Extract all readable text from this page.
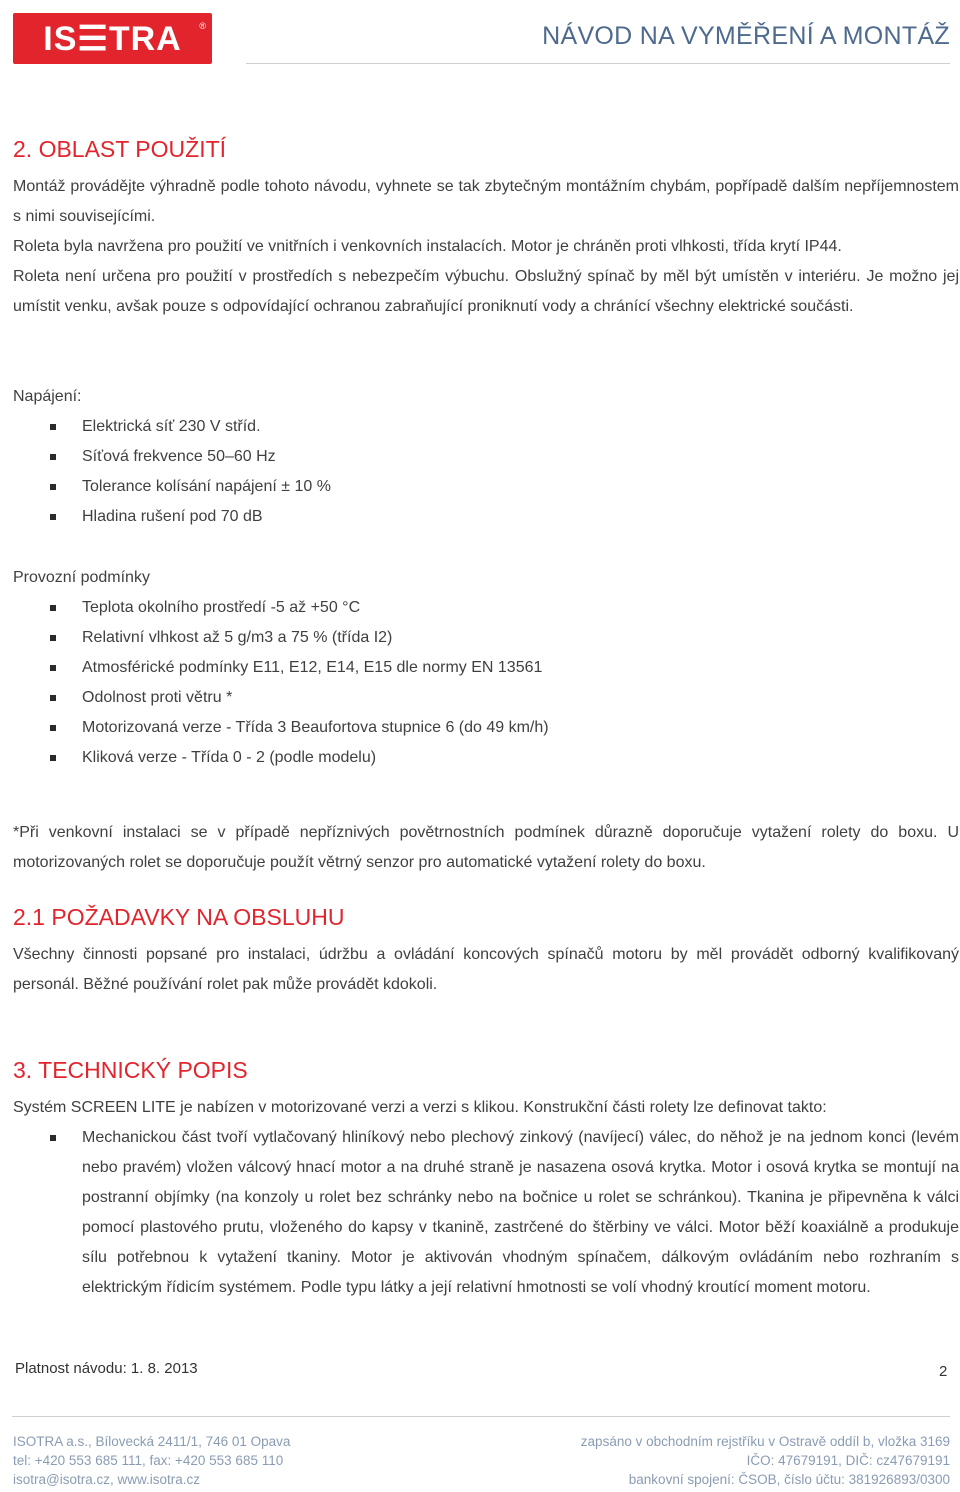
IS☰TRA ®	NÁVOD NA VYMĚŘENÍ A MONTÁŽ
2. OBLAST POUŽITÍ
Montáž provádějte výhradně podle tohoto návodu, vyhnete se tak zbytečným montážním chybám, popřípadě dalším nepříjemnostem s nimi souvisejícími.
Roleta byla navržena pro použití ve vnitřních i venkovních instalacích. Motor je chráněn proti vlhkosti, třída krytí IP44.
Roleta není určena pro použití v prostředích s nebezpečím výbuchu. Obslužný spínač by měl být umístěn v interiéru. Je možno jej umístit venku, avšak pouze s odpovídající ochranou zabraňující proniknutí vody a chránící všechny elektrické součásti.
Napájení:
Elektrická síť 230 V stříd.
Síťová frekvence 50–60 Hz
Tolerance kolísání napájení ± 10 %
Hladina rušení pod 70 dB
Provozní podmínky
Teplota okolního prostředí -5 až +50 °C
Relativní vlhkost až 5 g/m3 a 75 % (třída I2)
Atmosférické podmínky E11, E12, E14, E15 dle normy EN 13561
Odolnost proti větru *
Motorizovaná verze - Třída 3 Beaufortova stupnice 6 (do 49 km/h)
Kliková verze - Třída 0 - 2 (podle modelu)
*Při venkovní instalaci se v případě nepříznivých povětrnostních podmínek důrazně doporučuje vytažení rolety do boxu. U motorizovaných rolet se doporučuje použít větrný senzor pro automatické vytažení rolety do boxu.
2.1 POŽADAVKY NA OBSLUHU
Všechny činnosti popsané pro instalaci, údržbu a ovládání koncových spínačů motoru by měl provádět odborný kvalifikovaný personál. Běžné používání rolet pak může provádět kdokoli.
3. TECHNICKÝ POPIS
Systém SCREEN LITE je nabízen v motorizované verzi a verzi s klikou. Konstrukční části rolety lze definovat takto:
Mechanickou část tvoří vytlačovaný hliníkový nebo plechový zinkový (navíjecí) válec, do něhož je na jednom konci (levém nebo pravém) vložen válcový hnací motor a na druhé straně je nasazena osová krytka. Motor i osová krytka se montují na postranní objímky (na konzoly u rolet bez schránky nebo na bočnice u rolet se schránkou). Tkanina je připevněna k válci pomocí plastového prutu, vloženého do kapsy v tkanině, zastrčené do štěrbiny ve válci. Motor běží koaxiálně a produkuje sílu potřebnou k vytažení tkaniny. Motor je aktivován vhodným spínačem, dálkovým ovládáním nebo rozhraním s elektrickým řídicím systémem. Podle typu látky a její relativní hmotnosti se volí vhodný kroutící moment motoru.
Platnost návodu: 1. 8. 2013	2
ISOTRA a.s., Bílovecká 2411/1, 746 01 Opava
tel: +420 553 685 111, fax: +420 553 685 110
isotra@isotra.cz, www.isotra.cz
zapsáno v obchodním rejstříku v Ostravě oddíl b, vložka 3169
IČO: 47679191, DIČ: cz47679191
bankovní spojení: ČSOB, číslo účtu: 381926893/0300
